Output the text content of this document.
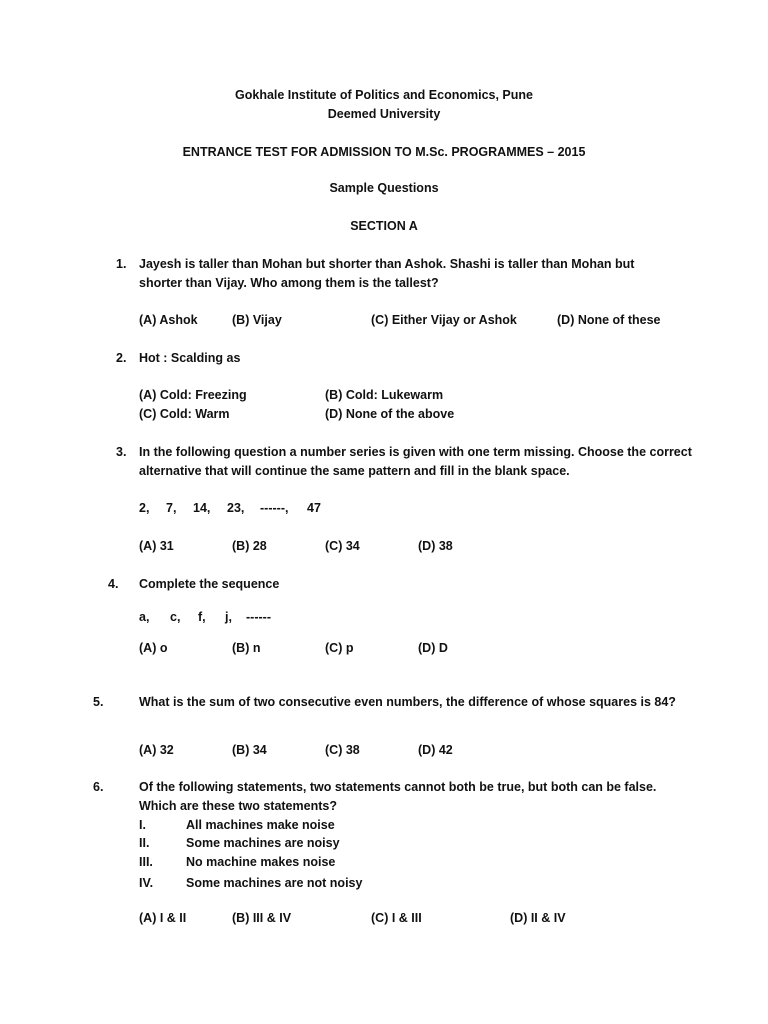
Gokhale Institute of Politics and Economics, Pune
Deemed University
ENTRANCE TEST FOR ADMISSION TO M.Sc. PROGRAMMES – 2015
Sample Questions
SECTION A
1. Jayesh is taller than Mohan but shorter than Ashok. Shashi is taller than Mohan but
shorter than Vijay. Who among them is the tallest?
(A) Ashok	(B) Vijay	(C) Either Vijay or Ashok	(D) None of these
2. Hot : Scalding as
(A) Cold: Freezing	(B) Cold: Lukewarm
(C) Cold: Warm	(D) None of the above
3. In the following question a number series is given with one term missing. Choose the correct
alternative that will continue the same pattern and fill in the blank space.
2, 7, 14, 23, ------, 47
(A) 31	(B) 28	(C) 34	(D) 38
4. Complete the sequence
a, c, f, j, ------
(A) o	(B) n	(C) p	(D) D
5.	What is the sum of two consecutive even numbers, the difference of whose squares is 84?
(A) 32	(B) 34	(C) 38	(D) 42
6.	Of the following statements, two statements cannot both be true, but both can be false.
Which are these two statements?
I.	All machines make noise
II.	Some machines are noisy
III.	No machine makes noise
IV.	Some machines are not noisy
(A) I & II	(B) III & IV	(C) I & III	(D) II & IV
